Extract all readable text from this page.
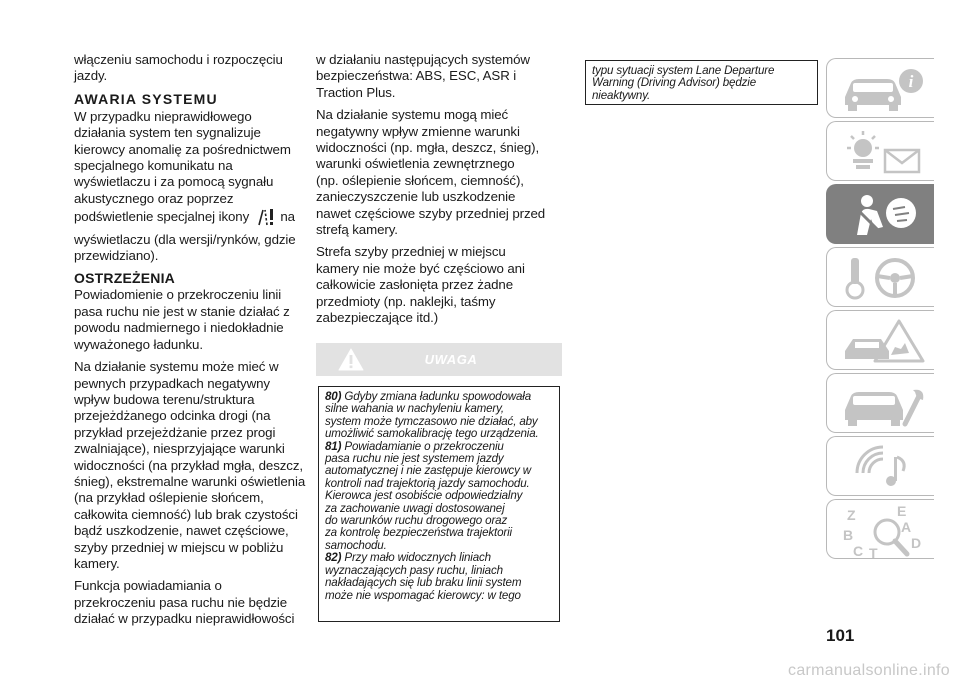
włączeniu samochodu i rozpoczęciu
jazdy.

AWARIA SYSTEMU

W przypadku nieprawidłowego
działania system ten sygnalizuje
kierowcy anomalię za pośrednictwem
specjalnego komunikatu na
wyświetlaczu i za pomocą sygnału
akustycznego oraz poprzez
podświetlenie specjalnej ikony na
wyświetlaczu (dla wersji/rynków, gdzie
przewidziano).

OSTRZEŻENIA

Powiadomienie o przekroczeniu linii
pasa ruchu nie jest w stanie działać z
powodu nadmiernego i niedokładnie
wyważonego ładunku.

Na działanie systemu może mieć w
pewnych przypadkach negatywny
wpływ budowa terenu/struktura
przejeżdżanego odcinka drogi (na
przykład przejeżdżanie przez progi
zwalniające), niesprzyjające warunki
widoczności (na przykład mgła, deszcz,
śnieg), ekstremalne warunki oświetlenia
(na przykład oślepienie słońcem,
całkowita ciemność) lub brak czystości
bądź uszkodzenie, nawet częściowe,
szyby przedniej w miejscu w pobliżu
kamery.

Funkcja powiadamiania o
przekroczeniu pasa ruchu nie będzie
działać w przypadku nieprawidłowości

w działaniu następujących systemów
bezpieczeństwa: ABS, ESC, ASR i
Traction Plus.

Na działanie systemu mogą mieć
negatywny wpływ zmienne warunki
widoczności (np. mgła, deszcz, śnieg),
warunki oświetlenia zewnętrznego
(np. oślepienie słońcem, ciemność),
zanieczyszczenie lub uszkodzenie
nawet częściowe szyby przedniej przed
strefą kamery.

Strefa szyby przedniej w miejscu
kamery nie może być częściowo ani
całkowicie zasłonięta przez żadne
przedmioty (np. naklejki, taśmy
zabezpieczające itd.)

UWAGA
80) Gdyby zmiana ładunku spowodowała
silne wahania w nachyleniu kamery,
system może tymczasowo nie działać, aby
umożliwić samokalibrację tego urządzenia.
81) Powiadamianie o przekroczeniu
pasa ruchu nie jest systemem jazdy
automatycznej i nie zastępuje kierowcy w
kontroli nad trajektorią jazdy samochodu.
Kierowca jest osobiście odpowiedzialny
za zachowanie uwagi dostosowanej
do warunków ruchu drogowego oraz
za kontrolę bezpieczeństwa trajektorii
samochodu.
82) Przy mało widocznych liniach
wyznaczających pasy ruchu, liniach
nakładających się lub braku linii system
może nie wspomagać kierowcy: w tego
typu sytuacji system Lane Departure
Warning (Driving Advisor) będzie
nieaktywny.
i
Z	E
B	A
C T
D
101
carmanualsonline.info
